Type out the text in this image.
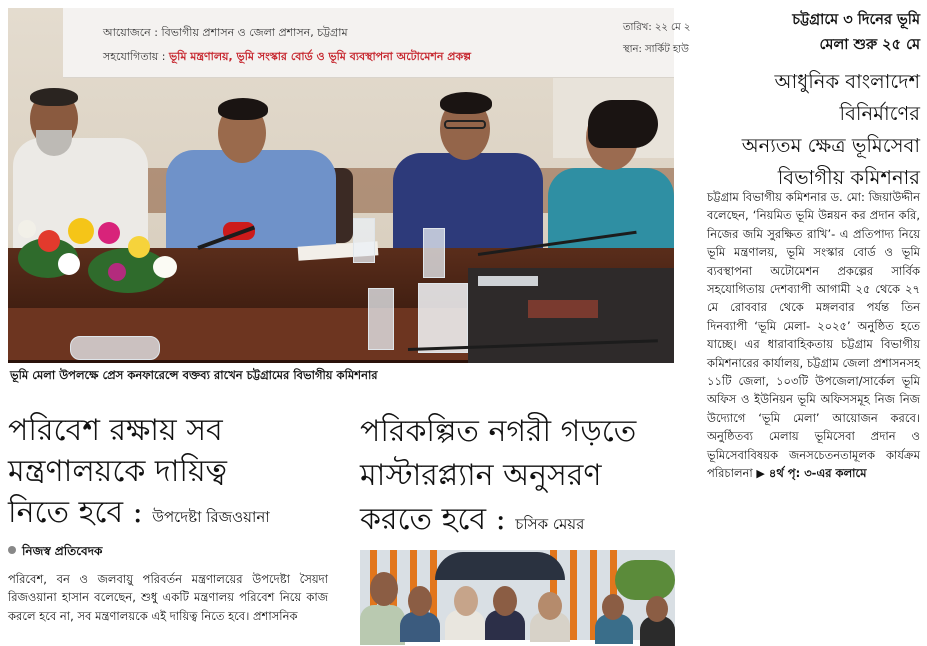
আয়োজনে : বিভাগীয় প্রশাসন ও জেলা প্রশাসন, চট্টগ্রাম
সহযোগিতায় : ভূমি মন্ত্রণালয়, ভূমি সংস্কার বোর্ড ও ভূমি ব্যবস্থাপনা অটোমেশন প্রকল্প
তারিখ: ২২ মে ২
স্থান: সার্কিট হাউ
ভূমি মেলা উপলক্ষে প্রেস কনফারেন্সে বক্তব্য রাখেন চট্টগ্রামের বিভাগীয় কমিশনার
চট্টগ্রামে ৩ দিনের ভূমি
মেলা শুরু ২৫ মে
আধুনিক বাংলাদেশ বিনির্মাণের
অন্যতম ক্ষেত্র ভূমিসেবা
বিভাগীয় কমিশনার
চট্টগ্রাম বিভাগীয় কমিশনার ড. মো: জিয়াউদ্দীন বলেছেন, ‘নিয়মিত ভূমি উন্নয়ন কর প্রদান করি, নিজের জমি সুরক্ষিত রাখি’- এ প্রতিপাদ্য নিয়ে ভূমি মন্ত্রণালয়, ভূমি সংস্কার বোর্ড ও ভূমি ব্যবস্থাপনা অটোমেশন প্রকল্পের সার্বিক সহযোগিতায় দেশব্যাপী আগামী ২৫ থেকে ২৭ মে রোববার থেকে মঙ্গলবার পর্যন্ত তিন দিনব্যাপী ‘ভূমি মেলা- ২০২৫’ অনুষ্ঠিত হতে যাচ্ছে। এর ধারাবাহিকতায় চট্টগ্রাম বিভাগীয় কমিশনারের কার্যালয়, চট্টগ্রাম জেলা প্রশাসনসহ ১১টি জেলা, ১০৩টি উপজেলা/সার্কেল ভূমি অফিস ও ইউনিয়ন ভূমি অফিসসমূহ নিজ নিজ উদ্যোগে ‘ভূমি মেলা’ আয়োজন করবে। অনুষ্ঠিতব্য মেলায় ভূমিসেবা প্রদান ও ভূমিসেবাবিষয়ক জনসচেতনতামূলক কার্যক্রম পরিচালনা ▶ ৪র্থ পৃ: ৩-এর কলামে
পরিবেশ রক্ষায় সব
মন্ত্রণালয়কে দায়িত্ব
নিতে হবে : উপদেষ্টা রিজওয়ানা
নিজস্ব প্রতিবেদক
পরিবেশ, বন ও জলবায়ু পরিবর্তন মন্ত্রণালয়ের উপদেষ্টা সৈয়দা রিজওয়ানা হাসান বলেছেন, শুধু একটি মন্ত্রণালয় পরিবেশ নিয়ে কাজ করলে হবে না, সব মন্ত্রণালয়কে এই দায়িত্ব নিতে হবে। প্রশাসনিক
পরিকল্পিত নগরী গড়তে
মাস্টারপ্ল্যান অনুসরণ
করতে হবে : চসিক মেয়র
